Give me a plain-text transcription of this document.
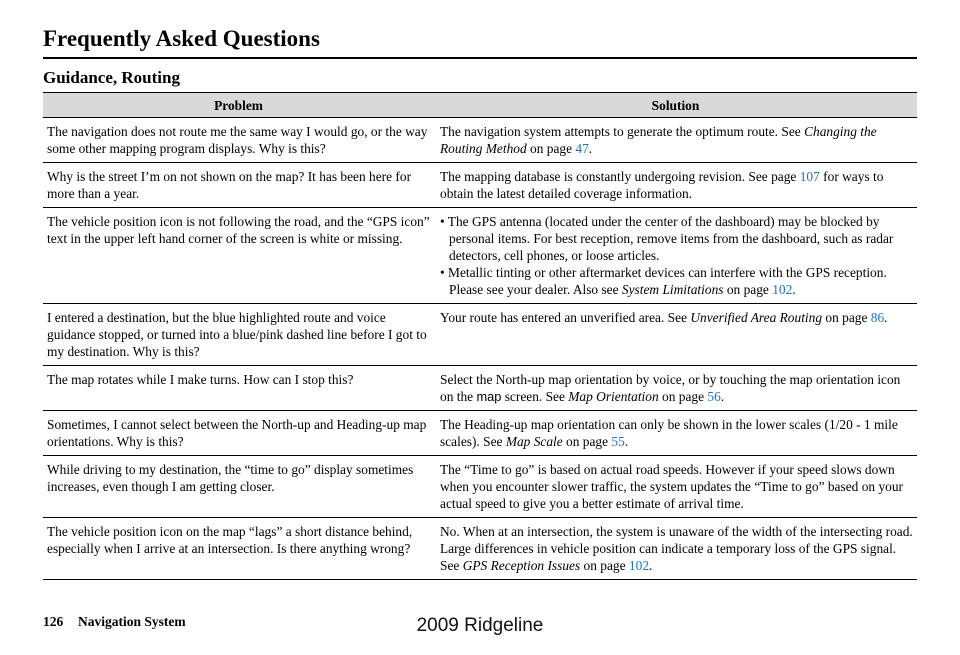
Frequently Asked Questions
Guidance, Routing
Problem	Solution
The navigation does not route me the same way I would go, or the way some other mapping program displays. Why is this?	The navigation system attempts to generate the optimum route. See Changing the Routing Method on page 47.
Why is the street I’m on not shown on the map? It has been here for more than a year.	The mapping database is constantly undergoing revision. See page 107 for ways to obtain the latest detailed coverage information.
The vehicle position icon is not following the road, and the “GPS icon” text in the upper left hand corner of the screen is white or missing.	• The GPS antenna (located under the center of the dashboard) may be blocked by personal items. For best reception, remove items from the dashboard, such as radar detectors, cell phones, or loose articles.
• Metallic tinting or other aftermarket devices can interfere with the GPS reception. Please see your dealer. Also see System Limitations on page 102.

I entered a destination, but the blue highlighted route and voice guidance stopped, or turned into a blue/pink dashed line before I got to my destination. Why is this?	Your route has entered an unverified area. See Unverified Area Routing on page 86.
The map rotates while I make turns. How can I stop this?	Select the North-up map orientation by voice, or by touching the map orientation icon on the map screen. See Map Orientation on page 56.
Sometimes, I cannot select between the North-up and Heading-up map orientations. Why is this?	The Heading-up map orientation can only be shown in the lower scales (1/20 - 1 mile scales). See Map Scale on page 55.
While driving to my destination, the “time to go” display sometimes increases, even though I am getting closer.	The “Time to go” is based on actual road speeds. However if your speed slows down when you encounter slower traffic, the system updates the “Time to go” based on your actual speed to give you a better estimate of arrival time.
The vehicle position icon on the map “lags” a short distance behind, especially when I arrive at an intersection. Is there anything wrong?	No. When at an intersection, the system is unaware of the width of the intersecting road. Large differences in vehicle position can indicate a temporary loss of the GPS signal. See GPS Reception Issues on page 102.
126 Navigation System	2009 Ridgeline
